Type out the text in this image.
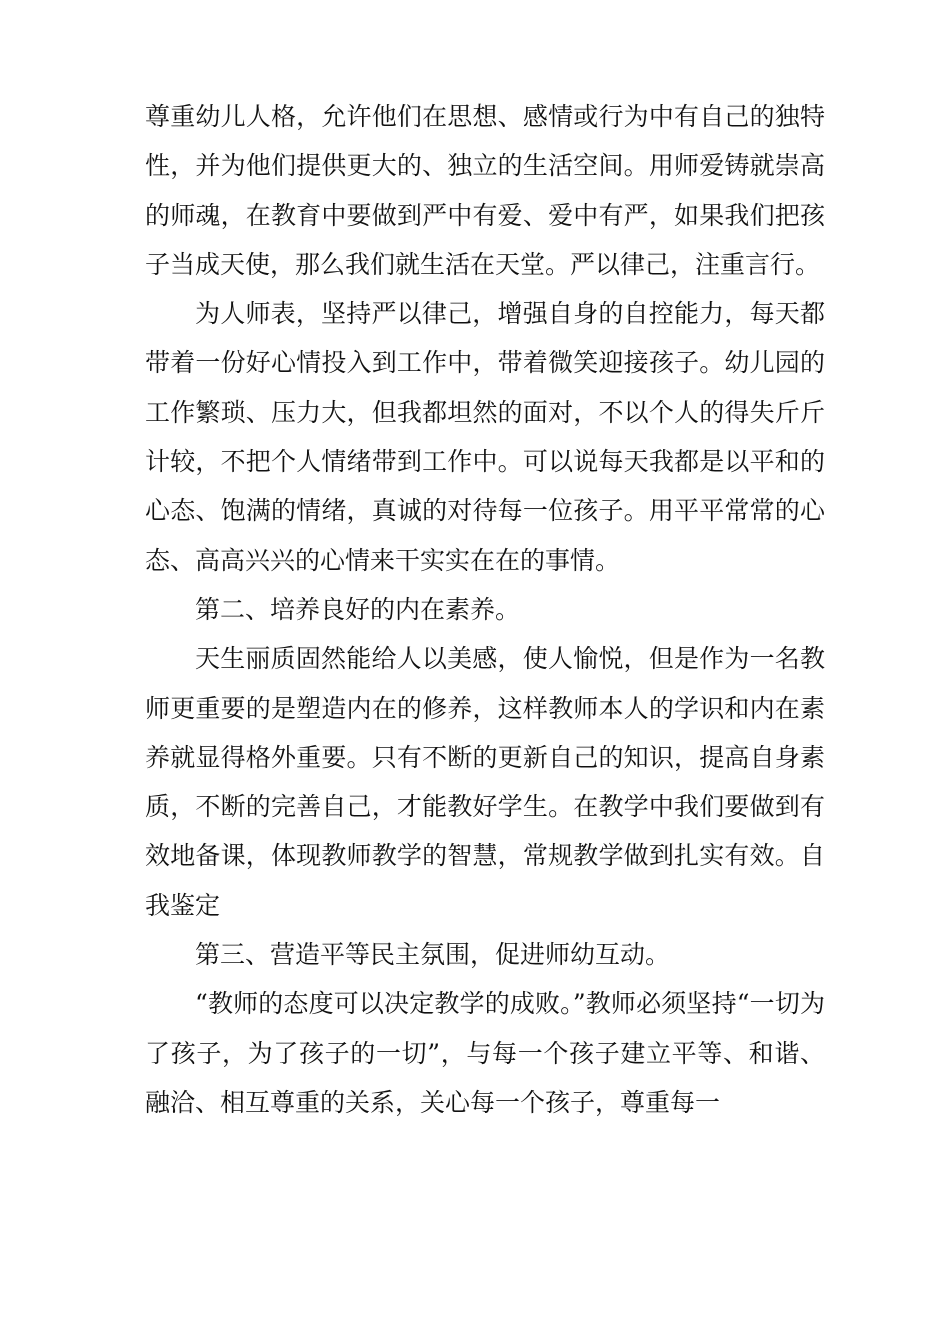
尊重幼儿人格，允许他们在思想、感情或行为中有自己的独特性，并为他们提供更大的、独立的生活空间。用师爱铸就崇高的师魂，在教育中要做到严中有爱、爱中有严，如果我们把孩子当成天使，那么我们就生活在天堂。严以律己，注重言行。

为人师表，坚持严以律己，增强自身的自控能力，每天都带着一份好心情投入到工作中，带着微笑迎接孩子。幼儿园的工作繁琐、压力大，但我都坦然的面对，不以个人的得失斤斤计较，不把个人情绪带到工作中。可以说每天我都是以平和的心态、饱满的情绪，真诚的对待每一位孩子。用平平常常的心态、高高兴兴的心情来干实实在在的事情。

第二、培养良好的内在素养。

天生丽质固然能给人以美感，使人愉悦，但是作为一名教师更重要的是塑造内在的修养，这样教师本人的学识和内在素养就显得格外重要。只有不断的更新自己的知识，提高自身素质，不断的完善自己，才能教好学生。在教学中我们要做到有效地备课，体现教师教学的智慧，常规教学做到扎实有效。自我鉴定

第三、营造平等民主氛围，促进师幼互动。

“教师的态度可以决定教学的成败。”教师必须坚持“一切为了孩子，为了孩子的一切”，与每一个孩子建立平等、和谐、融洽、相互尊重的关系，关心每一个孩子，尊重每一
